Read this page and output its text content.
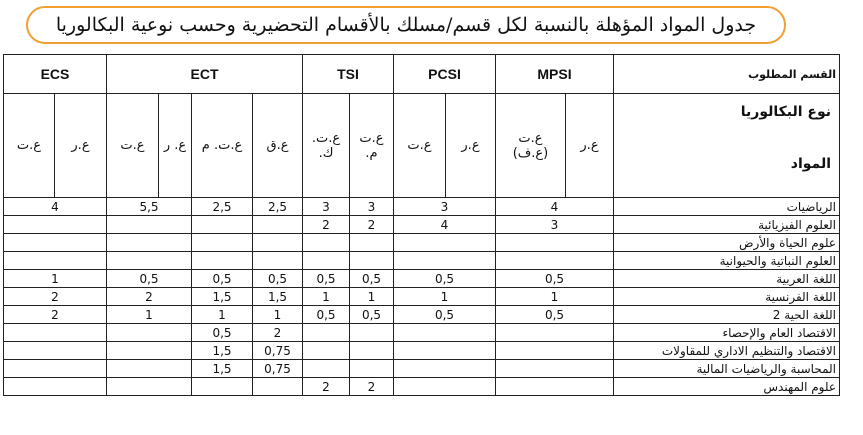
جدول المواد المؤهلة بالنسبة لكل قسم/مسلك بالأقسام التحضيرية وحسب نوعية البكالوريا
ECS		ECT				TSI		PCSI		MPSI		القسم المطلوب
ع.ت	ع.ر	ع.ت	ع. ر	ع.ت. م	ع.ق	ع.ت. ك.	ع.ت م.	ع.ت	ع.ر	ع.ت (ع.ف)	ع.ر	نوع البكالوريا
المواد

4		5,5		2,5	2,5	3	3	3		4		الرياضيات
						2	2	4		3		العلوم الفيزيائية
												علوم الحياة والأرض
												العلوم النباتية والحيوانية
1		0,5		0,5	0,5	0,5	0,5	0,5		0,5		اللغة العربية
2		2		1,5	1,5	1	1	1		1		اللغة الفرنسية
2		1		1	1	0,5	0,5	0,5		0,5		اللغة الحية 2
				0,5	2							الاقتصاد العام والإحصاء
				1,5	0,75							الاقتصاد والتنظيم الاداري للمقاولات
				1,5	0,75							المحاسبة والرياضيات المالية
						2	2					علوم المهندس
